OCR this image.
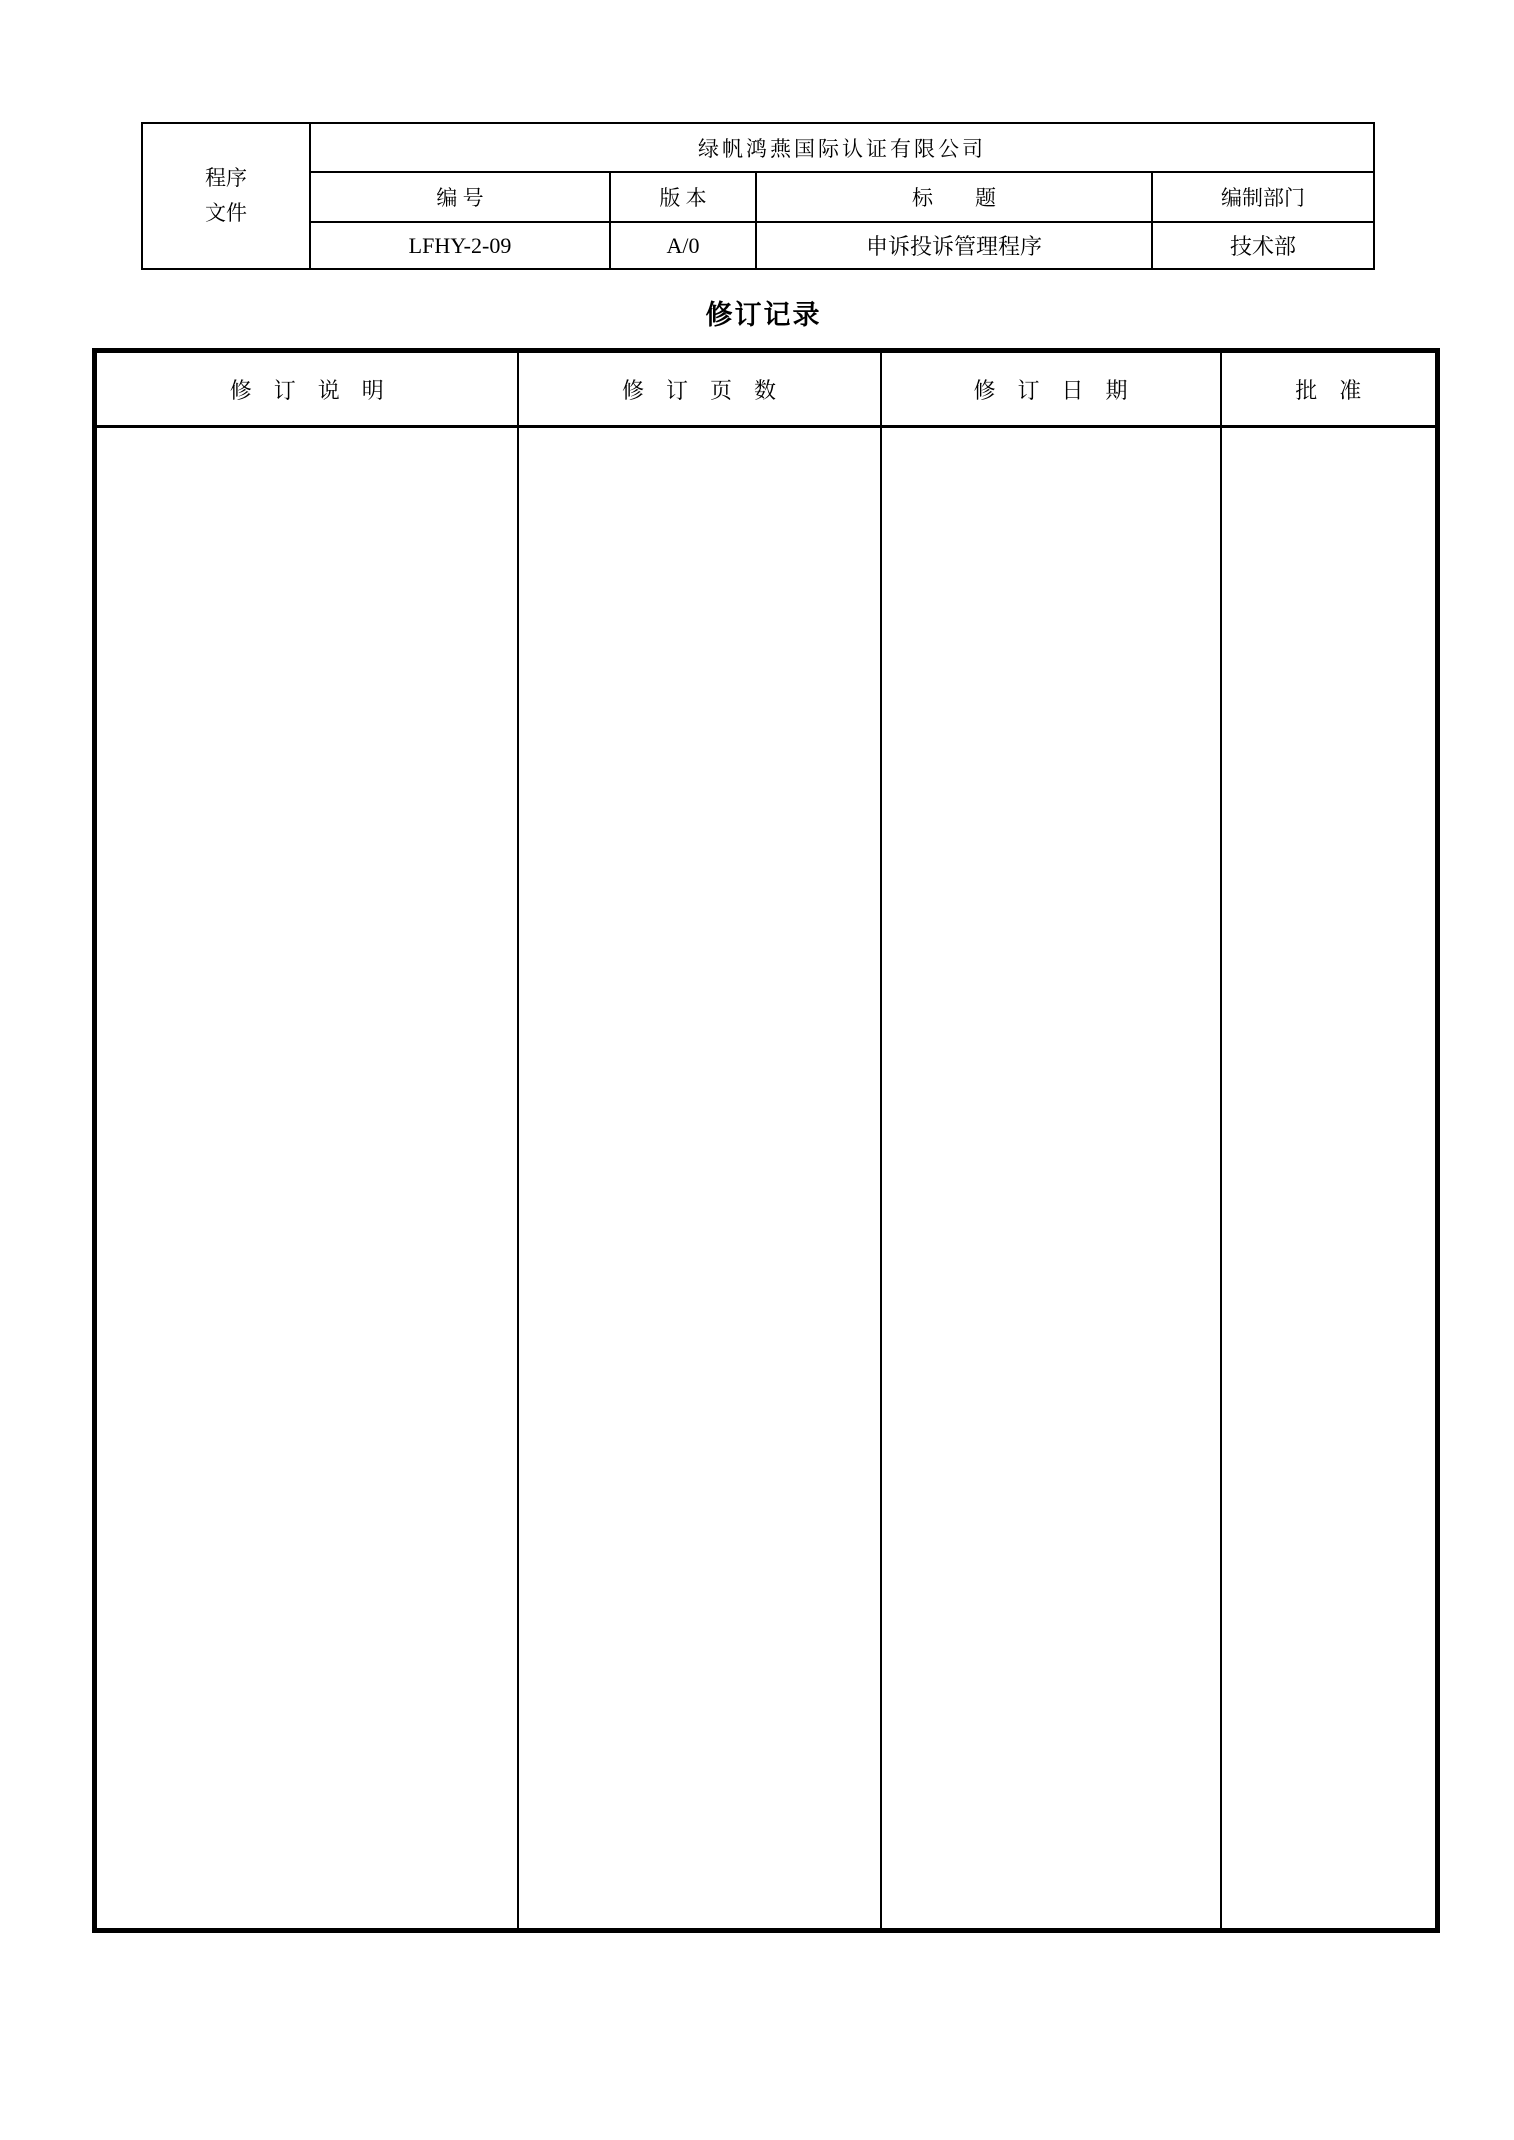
程序
文件	绿帆鸿燕国际认证有限公司			
	编 号	版 本	标　　题	编制部门
	LFHY-2-09	A/0	申诉投诉管理程序	技术部
修订记录
修　订　说　明	修　订　页　数	修　订　日　期	批　准
